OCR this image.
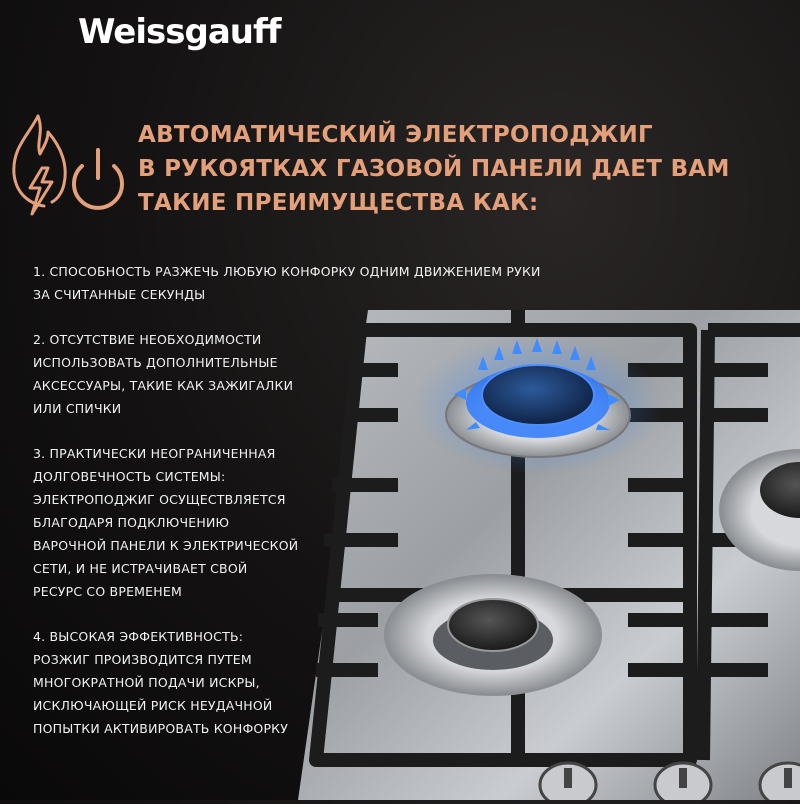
Weissgauff
АВТОМАТИЧЕСКИЙ ЭЛЕКТРОПОДЖИГ
В РУКОЯТКАХ ГАЗОВОЙ ПАНЕЛИ ДАЕТ ВАМ
ТАКИЕ ПРЕИМУЩЕСТВА КАК:
1. СПОСОБНОСТЬ РАЗЖЕЧЬ ЛЮБУЮ КОНФОРКУ ОДНИМ ДВИЖЕНИЕМ РУКИ
ЗА СЧИТАННЫЕ СЕКУНДЫ
2. ОТСУТСТВИЕ НЕОБХОДИМОСТИ
ИСПОЛЬЗОВАТЬ ДОПОЛНИТЕЛЬНЫЕ
АКСЕССУАРЫ, ТАКИЕ КАК ЗАЖИГАЛКИ
ИЛИ СПИЧКИ
3. ПРАКТИЧЕСКИ НЕОГРАНИЧЕННАЯ
ДОЛГОВЕЧНОСТЬ СИСТЕМЫ:
ЭЛЕКТРОПОДЖИГ ОСУЩЕСТВЛЯЕТСЯ
БЛАГОДАРЯ ПОДКЛЮЧЕНИЮ
ВАРОЧНОЙ ПАНЕЛИ К ЭЛЕКТРИЧЕСКОЙ
СЕТИ, И НЕ ИСТРАЧИВАЕТ СВОЙ
РЕСУРС СО ВРЕМЕНЕМ
4. ВЫСОКАЯ ЭФФЕКТИВНОСТЬ:
РОЗЖИГ ПРОИЗВОДИТСЯ ПУТЕМ
МНОГОКРАТНОЙ ПОДАЧИ ИСКРЫ,
ИСКЛЮЧАЮЩЕЙ РИСК НЕУДАЧНОЙ
ПОПЫТКИ АКТИВИРОВАТЬ КОНФОРКУ
